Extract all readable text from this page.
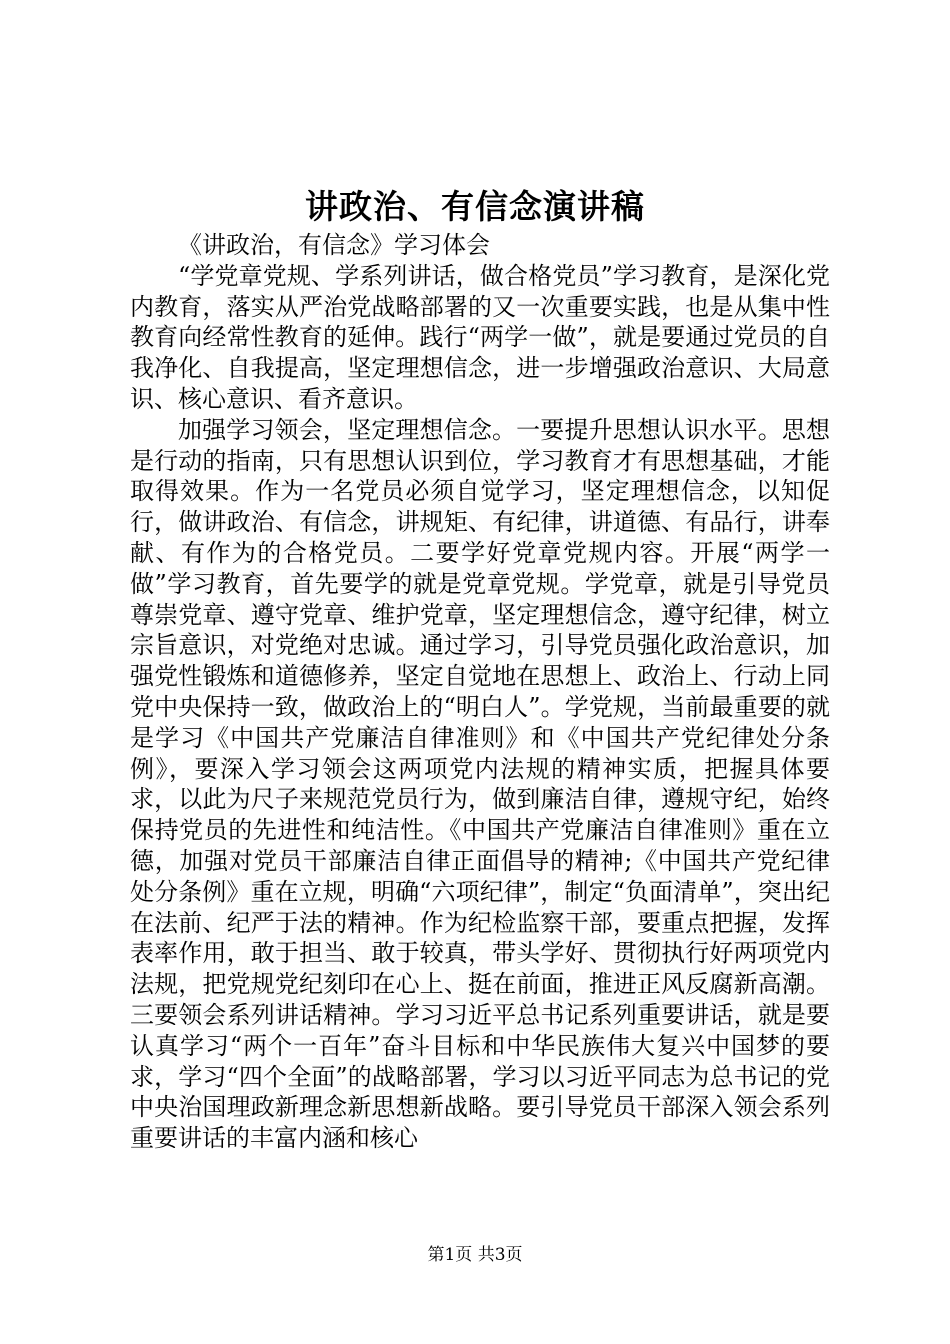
讲政治、有信念演讲稿

《讲政治，有信念》学习体会

“学党章党规、学系列讲话，做合格党员”学习教育，是深化党内教育，落实从严治党战略部署的又一次重要实践，也是从集中性教育向经常性教育的延伸。践行“两学一做”，就是要通过党员的自我净化、自我提高，坚定理想信念，进一步增强政治意识、大局意识、核心意识、看齐意识。

加强学习领会，坚定理想信念。一要提升思想认识水平。思想是行动的指南，只有思想认识到位，学习教育才有思想基础，才能取得效果。作为一名党员必须自觉学习，坚定理想信念，以知促行，做讲政治、有信念，讲规矩、有纪律，讲道德、有品行，讲奉献、有作为的合格党员。二要学好党章党规内容。开展“两学一做”学习教育，首先要学的就是党章党规。学党章，就是引导党员尊崇党章、遵守党章、维护党章，坚定理想信念，遵守纪律，树立宗旨意识，对党绝对忠诚。通过学习，引导党员强化政治意识，加强党性锻炼和道德修养，坚定自觉地在思想上、政治上、行动上同党中央保持一致，做政治上的“明白人”。学党规，当前最重要的就是学习《中国共产党廉洁自律准则》和《中国共产党纪律处分条例》，要深入学习领会这两项党内法规的精神实质，把握具体要求，以此为尺子来规范党员行为，做到廉洁自律，遵规守纪，始终保持党员的先进性和纯洁性。《中国共产党廉洁自律准则》重在立德，加强对党员干部廉洁自律正面倡导的精神;《中国共产党纪律处分条例》重在立规，明确“六项纪律”，制定“负面清单”，突出纪在法前、纪严于法的精神。作为纪检监察干部，要重点把握，发挥表率作用，敢于担当、敢于较真，带头学好、贯彻执行好两项党内法规，把党规党纪刻印在心上、挺在前面，推进正风反腐新高潮。三要领会系列讲话精神。学习习近平总书记系列重要讲话，就是要认真学习“两个一百年”奋斗目标和中华民族伟大复兴中国梦的要求，学习“四个全面”的战略部署，学习以习近平同志为总书记的党中央治国理政新理念新思想新战略。要引导党员干部深入领会系列重要讲话的丰富内涵和核心

第1页 共3页
